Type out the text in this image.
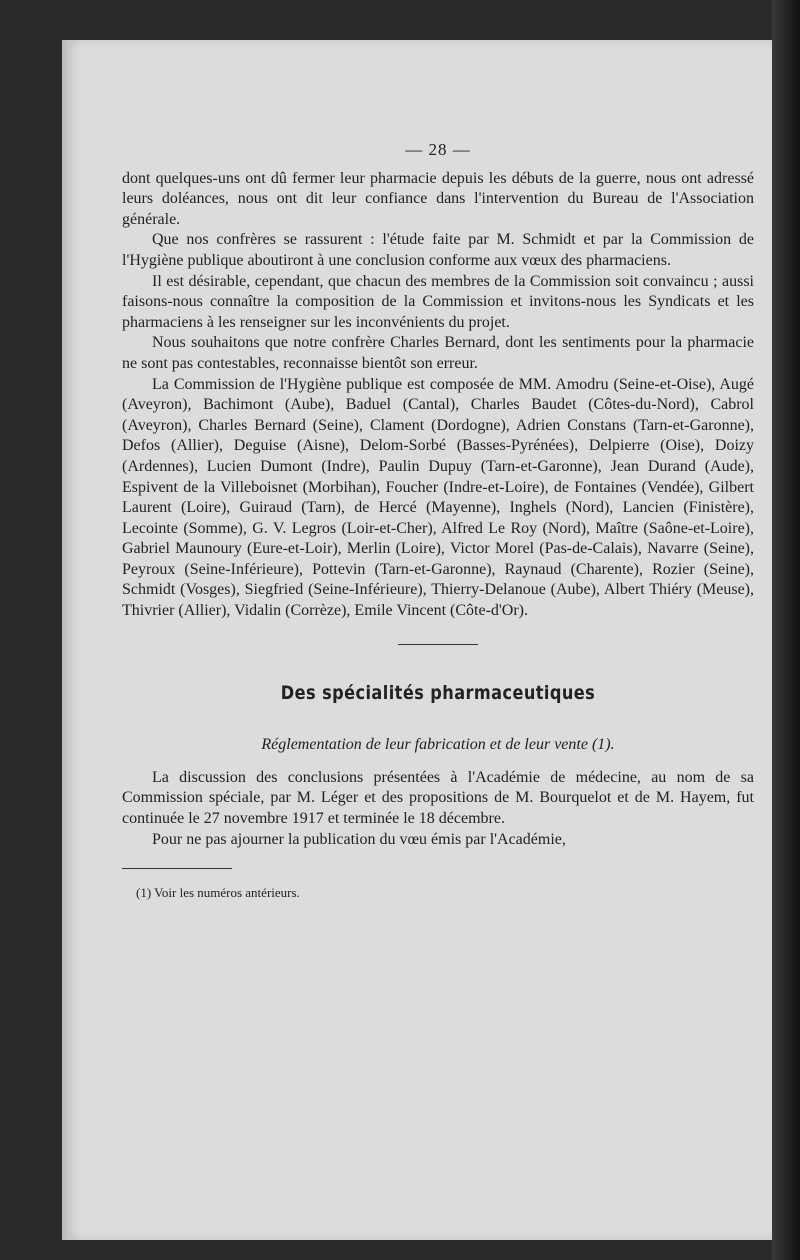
— 28 —

dont quelques-uns ont dû fermer leur pharmacie depuis les débuts de la guerre, nous ont adressé leurs doléances, nous ont dit leur confiance dans l'intervention du Bureau de l'Association générale.

Que nos confrères se rassurent : l'étude faite par M. Schmidt et par la Commission de l'Hygiène publique aboutiront à une conclusion conforme aux vœux des pharmaciens.

Il est désirable, cependant, que chacun des membres de la Commission soit convaincu ; aussi faisons-nous connaître la composition de la Commission et invitons-nous les Syndicats et les pharmaciens à les renseigner sur les inconvénients du projet.

Nous souhaitons que notre confrère Charles Bernard, dont les sentiments pour la pharmacie ne sont pas contestables, reconnaisse bientôt son erreur.

La Commission de l'Hygiène publique est composée de MM. Amodru (Seine-et-Oise), Augé (Aveyron), Bachimont (Aube), Baduel (Cantal), Charles Baudet (Côtes-du-Nord), Cabrol (Aveyron), Charles Bernard (Seine), Clament (Dordogne), Adrien Constans (Tarn-et-Garonne), Defos (Allier), Deguise (Aisne), Delom-Sorbé (Basses-Pyrénées), Delpierre (Oise), Doizy (Ardennes), Lucien Dumont (Indre), Paulin Dupuy (Tarn-et-Garonne), Jean Durand (Aude), Espivent de la Villeboisnet (Morbihan), Foucher (Indre-et-Loire), de Fontaines (Vendée), Gilbert Laurent (Loire), Guiraud (Tarn), de Hercé (Mayenne), Inghels (Nord), Lancien (Finistère), Lecointe (Somme), G. V. Legros (Loir-et-Cher), Alfred Le Roy (Nord), Maître (Saône-et-Loire), Gabriel Maunoury (Eure-et-Loir), Merlin (Loire), Victor Morel (Pas-de-Calais), Navarre (Seine), Peyroux (Seine-Inférieure), Pottevin (Tarn-et-Garonne), Raynaud (Charente), Rozier (Seine), Schmidt (Vosges), Siegfried (Seine-Inférieure), Thierry-Delanoue (Aube), Albert Thiéry (Meuse), Thivrier (Allier), Vidalin (Corrèze), Emile Vincent (Côte-d'Or).

Des spécialités pharmaceutiques
Réglementation de leur fabrication et de leur vente (1).

La discussion des conclusions présentées à l'Académie de médecine, au nom de sa Commission spéciale, par M. Léger et des propositions de M. Bourquelot et de M. Hayem, fut continuée le 27 novembre 1917 et terminée le 18 décembre.

Pour ne pas ajourner la publication du vœu émis par l'Académie,

(1) Voir les numéros antérieurs.
